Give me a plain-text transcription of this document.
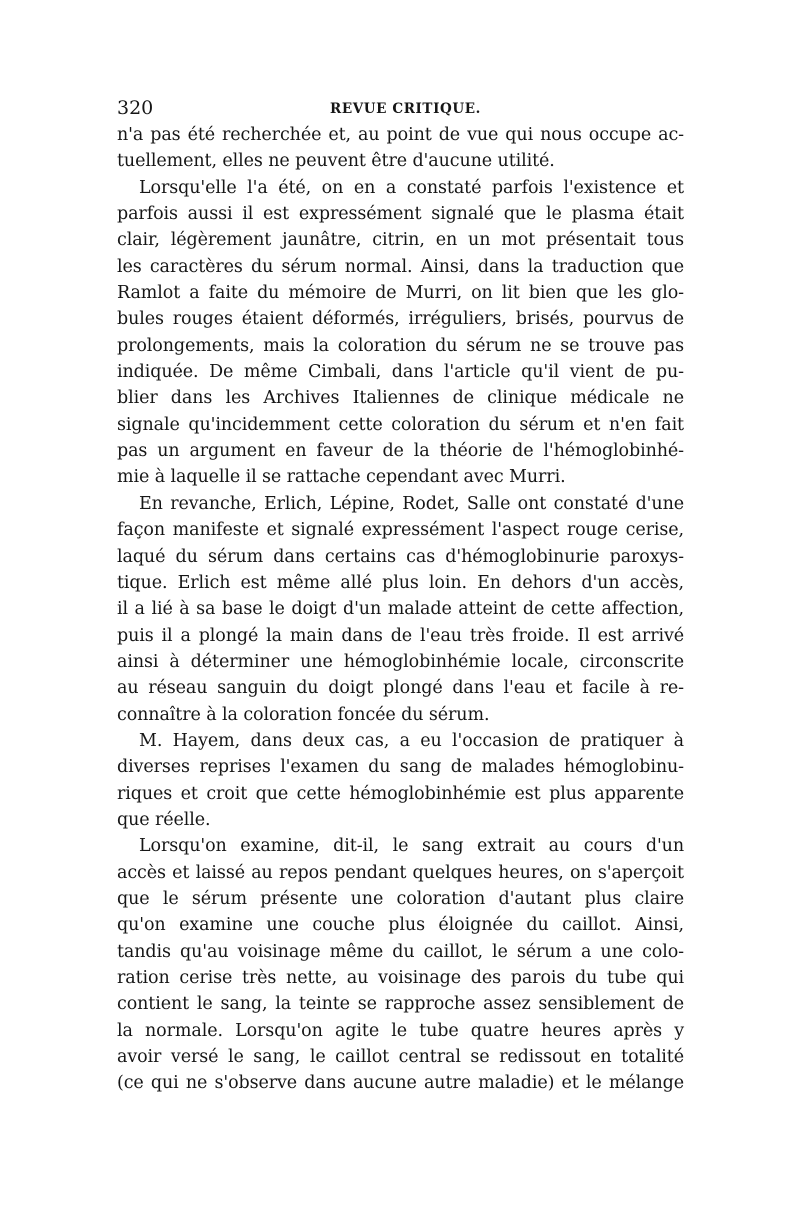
320	REVUE CRITIQUE.
n'a pas été recherchée et, au point de vue qui nous occupe ac-
tuellement, elles ne peuvent être d'aucune utilité.
Lorsqu'elle l'a été, on en a constaté parfois l'existence et
parfois aussi il est expressément signalé que le plasma était
clair, légèrement jaunâtre, citrin, en un mot présentait tous
les caractères du sérum normal. Ainsi, dans la traduction que
Ramlot a faite du mémoire de Murri, on lit bien que les glo-
bules rouges étaient déformés, irréguliers, brisés, pourvus de
prolongements, mais la coloration du sérum ne se trouve pas
indiquée. De même Cimbali, dans l'article qu'il vient de pu-
blier dans les Archives Italiennes de clinique médicale ne
signale qu'incidemment cette coloration du sérum et n'en fait
pas un argument en faveur de la théorie de l'hémoglobinhé-
mie à laquelle il se rattache cependant avec Murri.
En revanche, Erlich, Lépine, Rodet, Salle ont constaté d'une
façon manifeste et signalé expressément l'aspect rouge cerise,
laqué du sérum dans certains cas d'hémoglobinurie paroxys-
tique. Erlich est même allé plus loin. En dehors d'un accès,
il a lié à sa base le doigt d'un malade atteint de cette affection,
puis il a plongé la main dans de l'eau très froide. Il est arrivé
ainsi à déterminer une hémoglobinhémie locale, circonscrite
au réseau sanguin du doigt plongé dans l'eau et facile à re-
connaître à la coloration foncée du sérum.
M. Hayem, dans deux cas, a eu l'occasion de pratiquer à
diverses reprises l'examen du sang de malades hémoglobinu-
riques et croit que cette hémoglobinhémie est plus apparente
que réelle.
Lorsqu'on examine, dit-il, le sang extrait au cours d'un
accès et laissé au repos pendant quelques heures, on s'aperçoit
que le sérum présente une coloration d'autant plus claire
qu'on examine une couche plus éloignée du caillot. Ainsi,
tandis qu'au voisinage même du caillot, le sérum a une colo-
ration cerise très nette, au voisinage des parois du tube qui
contient le sang, la teinte se rapproche assez sensiblement de
la normale. Lorsqu'on agite le tube quatre heures après y
avoir versé le sang, le caillot central se redissout en totalité
(ce qui ne s'observe dans aucune autre maladie) et le mélange
